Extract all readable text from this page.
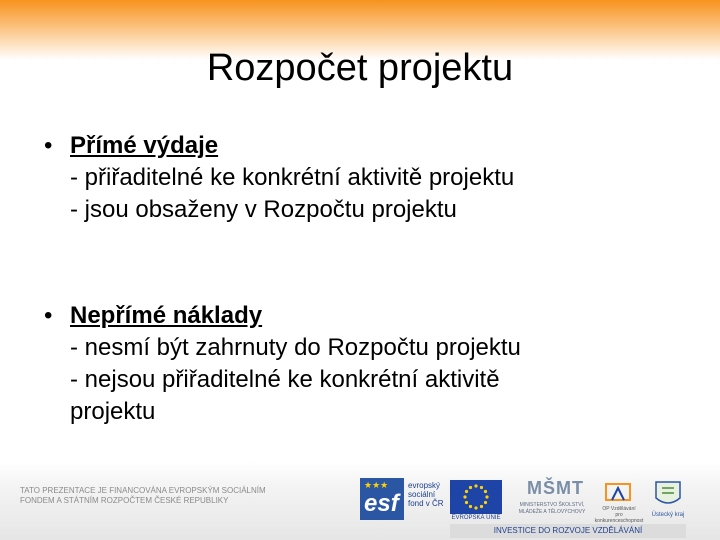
Rozpočet projektu
• Přímé výdaje
- přiřaditelné ke konkrétní aktivitě projektu
- jsou obsaženy v Rozpočtu projektu
• Nepřímé náklady
- nesmí být zahrnuty do Rozpočtu projektu
- nejsou přiřaditelné ke konkrétní aktivitě
projektu
TATO PREZENTACE JE FINANCOVÁNA EVROPSKÝM SOCIÁLNÍM
FONDEM A STÁTNÍM ROZPOČTEM ČESKÉ REPUBLIKY
★★★
esf
evropský
sociální
fond v ČR
EVROPSKÁ UNIE
MŠMT
MINISTERSTVO ŠKOLSTVÍ,
MLÁDEŽE A TĚLOVÝCHOVY	OP Vzdělávání
pro konkurenceschopnost
Ústecký kraj
INVESTICE DO ROZVOJE VZDĚLÁVÁNÍ
